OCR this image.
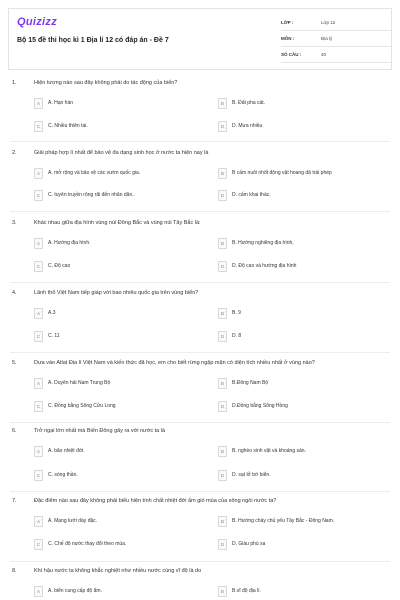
Quizizz
Bộ 15 đề thi học kì 1 Địa lí 12 có đáp án - Đề 7
LỚP :	Lớp 12
MÔN :	Địa lý
SỐ CÂU :	40
1.	Hiện tượng nào sau đây không phải do tác động của biển?
A	A. Hạn hán	B	B. Đất pha cát.
C	C. Nhiều thiên tai.	D	D. Mưa nhiều
2.	Giải pháp hợp lí nhất để bảo vệ đa dạng sinh học ở nước ta hiện nay là
A	A. mở rộng và bảo vệ các vườn quốc gia.	B	B cấm nuôi nhốt động vật hoang dã trái phép
C	C. tuyên truyền rộng rãi đến nhân dân..	D	D. cấm khai thác.
3.	Khác nhau giữa địa hình vùng núi Đông Bắc và vùng núi Tây Bắc là:
A	A. Hướng địa hình.	B	B. Hướng nghiêng địa hình,
C	C. Độ cao	D	D. Độ cao và hướng địa hình
4.	Lãnh thổ Việt Nam tiếp giáp với bao nhiêu quốc gia trên vùng biển?
A	A.3	B	B. 9
C	C. 11	D	D. 8
5.	Dựa vào Atlat Địa lí Việt Nam và kiến thức đã học, em cho biết rừng ngập mặn có diện tích nhiều nhất ở vùng nào?
A	A. Duyên hải Nam Trung Bộ	B	B.Đông Nam Bộ
C	C. Đồng bằng Sông Cửu Long	D	D.Đồng bằng Sông Hồng
6.	Trở ngại lớn nhất mà Biển Đông gây ra với nước ta là
A	A. bão nhiệt đới.	B	B. nghèo sinh vật và khoáng sản.
C	C. sóng thần.	D	D. sạt lở bờ biển.
7.	Đặc điểm nào sau đây không phải biểu hiện tính chất nhiệt đới ẩm gió mùa của sông ngòi nước ta?
A	A. Mạng lưới dày đặc.	B	B. Hướng chảy chủ yếu Tây Bắc - Đông Nam.
C	C. Chế độ nước thay đổi theo mùa.	D	D. Giàu phù sa
8.	Khí hậu nước ta không khắc nghiệt như nhiều nước cùng vĩ độ là do
A	A. biển cung cấp độ ẩm.	B	B.vĩ độ địa lí.
